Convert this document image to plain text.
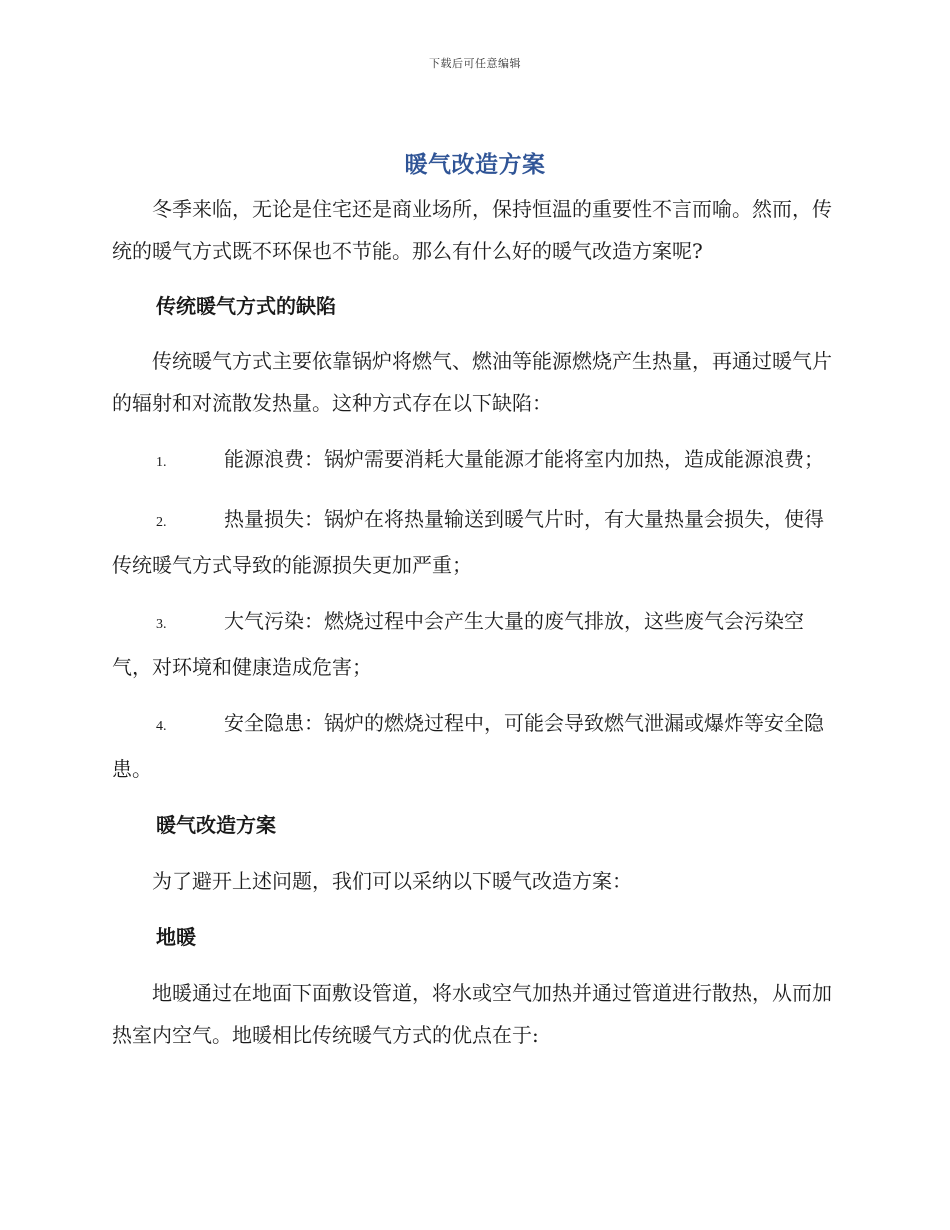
下载后可任意编辑
暖气改造方案

冬季来临，无论是住宅还是商业场所，保持恒温的重要性不言而喻。然而，传统的暖气方式既不环保也不节能。那么有什么好的暖气改造方案呢?

传统暖气方式的缺陷

传统暖气方式主要依靠锅炉将燃气、燃油等能源燃烧产生热量，再通过暖气片的辐射和对流散发热量。这种方式存在以下缺陷：

1.	能源浪费：锅炉需要消耗大量能源才能将室内加热，造成能源浪费；

2.	热量损失：锅炉在将热量输送到暖气片时，有大量热量会损失，使得传统暖气方式导致的能源损失更加严重；

3.	大气污染：燃烧过程中会产生大量的废气排放，这些废气会污染空气，对环境和健康造成危害；

4.	安全隐患：锅炉的燃烧过程中，可能会导致燃气泄漏或爆炸等安全隐患。

暖气改造方案

为了避开上述问题，我们可以采纳以下暖气改造方案：

地暖

地暖通过在地面下面敷设管道，将水或空气加热并通过管道进行散热，从而加热室内空气。地暖相比传统暖气方式的优点在于:
